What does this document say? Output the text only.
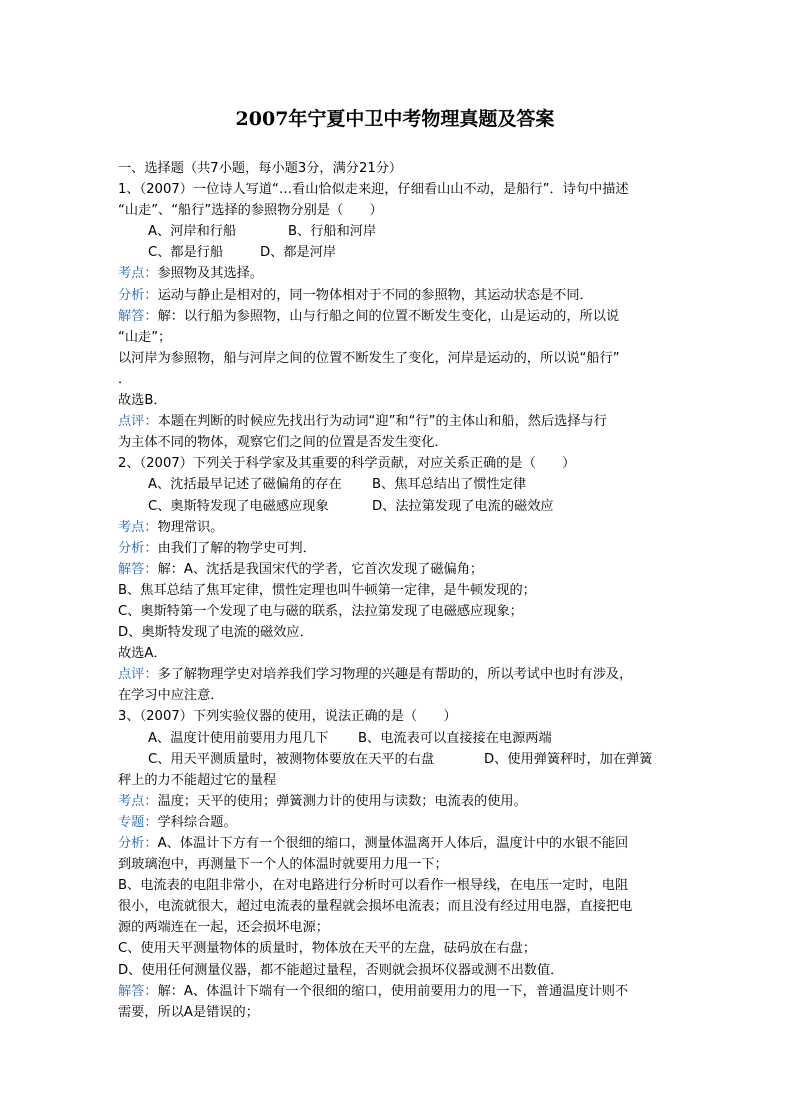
2007年宁夏中卫中考物理真题及答案
一、选择题（共7小题，每小题3分，满分21分）
1、（2007）一位诗人写道“…看山恰似走来迎，仔细看山山不动，是船行”．诗句中描述
“山走”、“船行”选择的参照物分别是（　　）
A、河岸和行船	B、行船和河岸
C、都是行船	D、都是河岸
考点：参照物及其选择。
分析：运动与静止是相对的，同一物体相对于不同的参照物，其运动状态是不同．
解答：解：以行船为参照物，山与行船之间的位置不断发生变化，山是运动的，所以说
“山走”；
以河岸为参照物，船与河岸之间的位置不断发生了变化，河岸是运动的，所以说“船行”
．
故选B．
点评：本题在判断的时候应先找出行为动词“迎”和“行”的主体山和船，然后选择与行
为主体不同的物体，观察它们之间的位置是否发生变化．
2、（2007）下列关于科学家及其重要的科学贡献，对应关系正确的是（　　）
A、沈括最早记述了磁偏角的存在	B、焦耳总结出了惯性定律
C、奥斯特发现了电磁感应现象	D、法拉第发现了电流的磁效应
考点：物理常识。
分析：由我们了解的物学史可判．
解答：解：A、沈括是我国宋代的学者，它首次发现了磁偏角；
B、焦耳总结了焦耳定律，惯性定理也叫牛顿第一定律，是牛顿发现的；
C、奥斯特第一个发现了电与磁的联系，法拉第发现了电磁感应现象；
D、奥斯特发现了电流的磁效应．
故选A．
点评：多了解物理学史对培养我们学习物理的兴趣是有帮助的，所以考试中也时有涉及，
在学习中应注意．
3、（2007）下列实验仪器的使用，说法正确的是（　　）
A、温度计使用前要用力甩几下	B、电流表可以直接接在电源两端
C、用天平测质量时，被测物体要放在天平的右盘	D、使用弹簧秤时，加在弹簧
秤上的力不能超过它的量程
考点：温度；天平的使用；弹簧测力计的使用与读数；电流表的使用。
专题：学科综合题。
分析：A、体温计下方有一个很细的缩口，测量体温离开人体后，温度计中的水银不能回
到玻璃泡中，再测量下一个人的体温时就要用力甩一下；
B、电流表的电阻非常小，在对电路进行分析时可以看作一根导线，在电压一定时，电阻
很小，电流就很大，超过电流表的量程就会损坏电流表；而且没有经过用电器，直接把电
源的两端连在一起，还会损坏电源；
C、使用天平测量物体的质量时，物体放在天平的左盘，砝码放在右盘；
D、使用任何测量仪器，都不能超过量程，否则就会损坏仪器或测不出数值．
解答：解：A、体温计下端有一个很细的缩口，使用前要用力的甩一下，普通温度计则不
需要，所以A是错误的；
